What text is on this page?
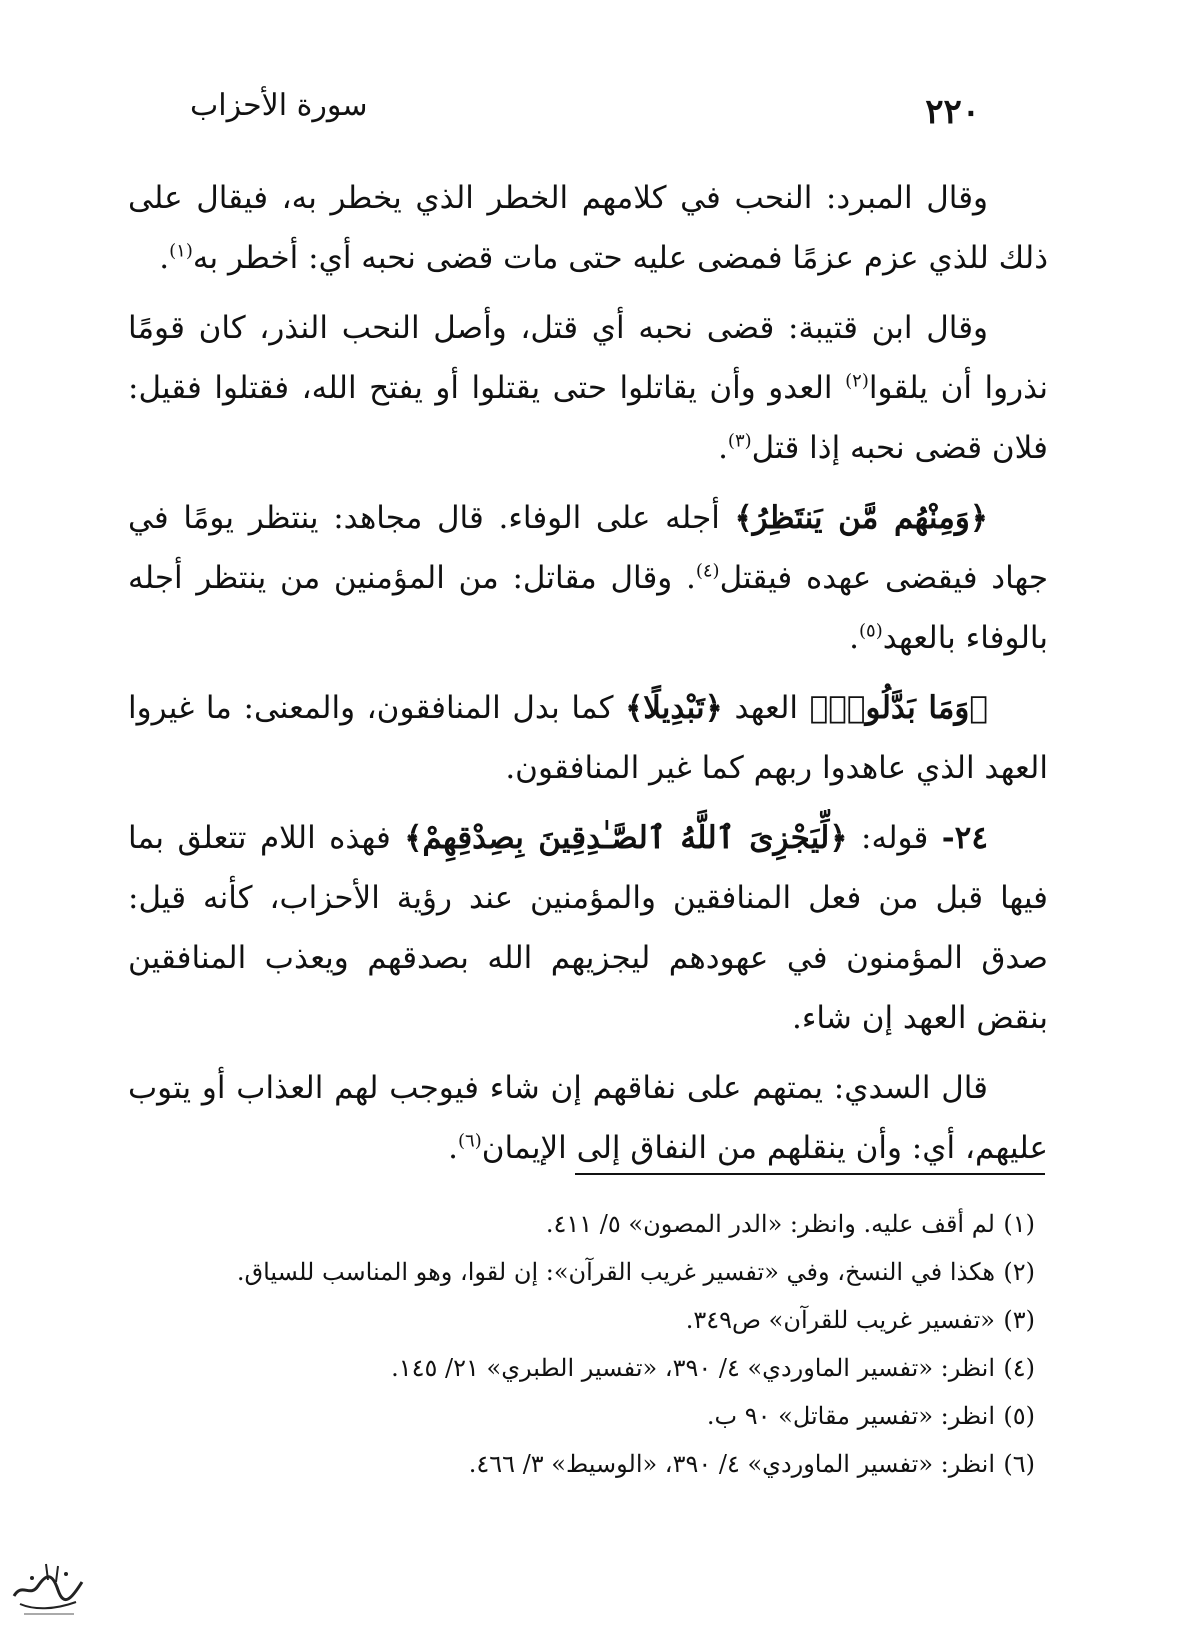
٢٢٠
سورة الأحزاب

وقال المبرد: النحب في كلامهم الخطر الذي يخطر به، فيقال على ذلك للذي عزم عزمًا فمضى عليه حتى مات قضى نحبه أي: أخطر به$^{(١)}$.

وقال ابن قتيبة: قضى نحبه أي قتل، وأصل النحب النذر، كان قومًا نذروا أن يلقوا$^{(٢)}$ العدو وأن يقاتلوا حتى يقتلوا أو يفتح الله، فقتلوا فقيل: فلان قضى نحبه إذا قتل$^{(٣)}$.

﴿وَمِنْهُم مَّن يَنتَظِرُ﴾ أجله على الوفاء. قال مجاهد: ينتظر يومًا في جهاد فيقضى عهده فيقتل$^{(٤)}$. وقال مقاتل: من المؤمنين من ينتظر أجله بالوفاء بالعهد$^{(٥)}$.

﴿وَمَا بَدَّلُوا۟﴾ العهد ﴿تَبْدِيلًا﴾ كما بدل المنافقون، والمعنى: ما غيروا العهد الذي عاهدوا ربهم كما غير المنافقون.

٢٤- قوله: ﴿لِّيَجْزِىَ ٱللَّهُ ٱلصَّـٰدِقِينَ بِصِدْقِهِمْ﴾ فهذه اللام تتعلق بما فيها قبل من فعل المنافقين والمؤمنين عند رؤية الأحزاب، كأنه قيل: صدق المؤمنون في عهودهم ليجزيهم الله بصدقهم ويعذب المنافقين بنقض العهد إن شاء.

قال السدي: يمتهم على نفاقهم إن شاء فيوجب لهم العذاب أو يتوب عليهم، أي: وأن ينقلهم من النفاق إلى الإيمان$^{(٦)}$.

(١)لم أقف عليه. وانظر: «الدر المصون» ٥/ ٤١١.
(٢)هكذا في النسخ، وفي «تفسير غريب القرآن»: إن لقوا، وهو المناسب للسياق.
(٣)«تفسير غريب للقرآن» ص٣٤٩.
(٤)انظر: «تفسير الماوردي» ٤/ ٣٩٠، «تفسير الطبري» ٢١/ ١٤٥.
(٥)انظر: «تفسير مقاتل» ٩٠ ب.
(٦)انظر: «تفسير الماوردي» ٤/ ٣٩٠، «الوسيط» ٣/ ٤٦٦.
